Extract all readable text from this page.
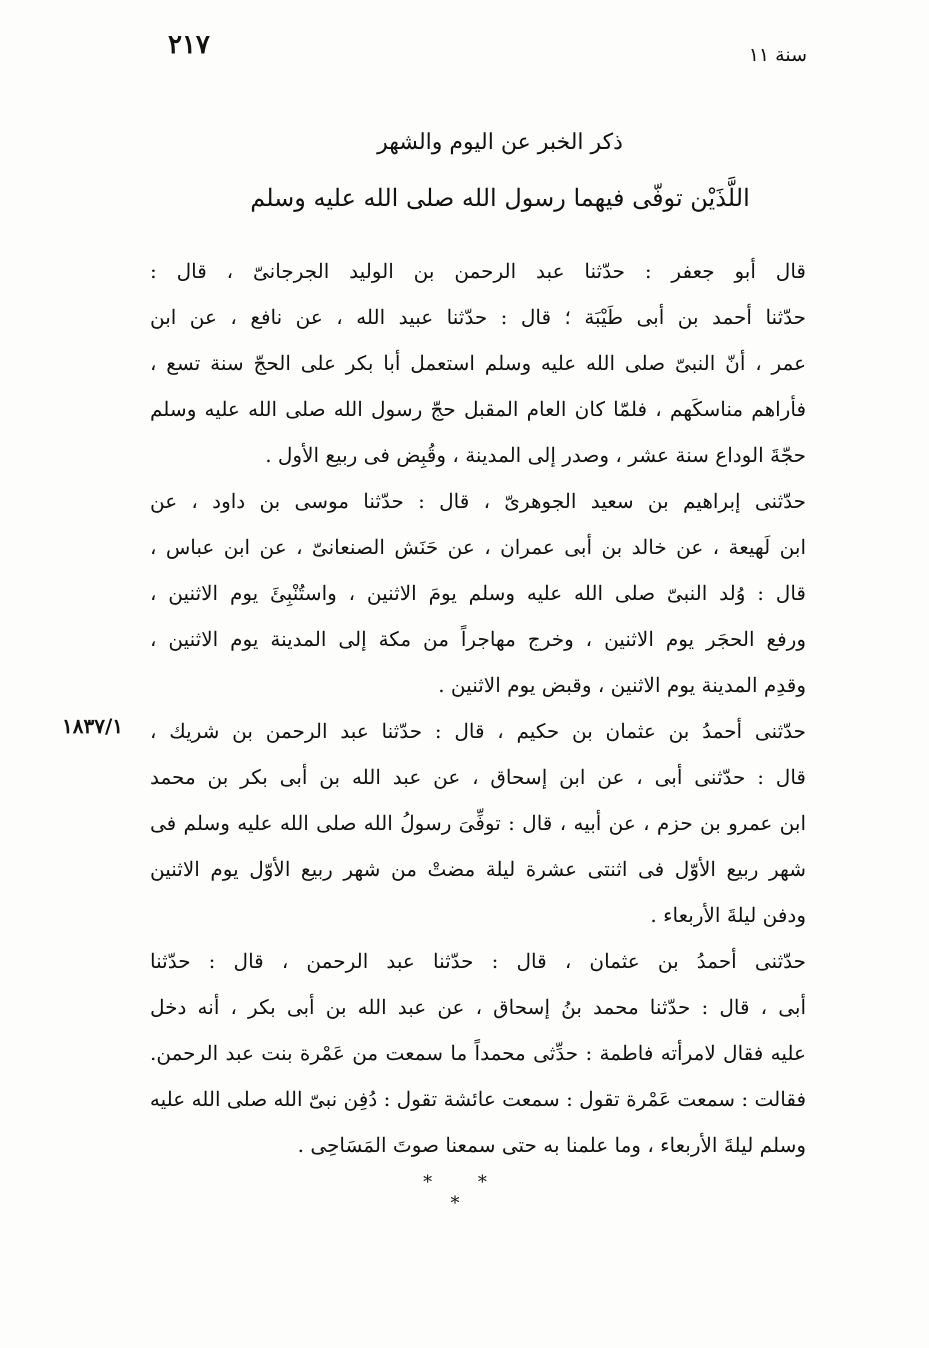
٢١٧	سنة ١١
ذكر الخبر عن اليوم والشهر
اللَّذَيْن توفّى فيهما رسول الله صلى الله عليه وسلم
قال أبو جعفر : حدّثنا عبد الرحمن بن الوليد الجرجانىّ ، قال :
حدّثنا أحمد بن أبى طَيْبَة ؛ قال : حدّثنا عبيد الله ، عن نافع ، عن ابن
عمر ، أنّ النبىّ صلى الله عليه وسلم استعمل أبا بكر على الحجّ سنة تسع ،
فأراهم مناسكَهم ، فلمّا كان العام المقبل حجّ رسول الله صلى الله عليه وسلم
حجّةَ الوداع سنة عشر ، وصدر إلى المدينة ، وقُبِض فى ربيع الأول .
حدّثنى إبراهيم بن سعيد الجوهرىّ ، قال : حدّثنا موسى بن داود ، عن
ابن لَهيعة ، عن خالد بن أبى عمران ، عن حَنَش الصنعانىّ ، عن ابن عباس ،
قال : وُلد النبىّ صلى الله عليه وسلم يومَ الاثنين ، واستُنْبِئَ يوم الاثنين ،
ورفع الحجَر يوم الاثنين ، وخرج مهاجراً من مكة إلى المدينة يوم الاثنين ،
وقدِم المدينة يوم الاثنين ، وقبض يوم الاثنين .
١٨٣٧/١ حدّثنى أحمدُ بن عثمان بن حكيم ، قال : حدّثنا عبد الرحمن بن شريك ،
قال : حدّثنى أبى ، عن ابن إسحاق ، عن عبد الله بن أبى بكر بن محمد
ابن عمرو بن حزم ، عن أبيه ، قال : توفِّىَ رسولُ الله صلى الله عليه وسلم فى
شهر ربيع الأوّل فى اثنتى عشرة ليلة مضتْ من شهر ربيع الأوّل يوم الاثنين
ودفن ليلةَ الأربعاء .
حدّثنى أحمدُ بن عثمان ، قال : حدّثنا عبد الرحمن ، قال : حدّثنا
أبى ، قال : حدّثنا محمد بنُ إسحاق ، عن عبد الله بن أبى بكر ، أنه دخل
عليه فقال لامرأته فاطمة : حدِّثى محمداً ما سمعت من عَمْرة بنت عبد الرحمن.
فقالت : سمعت عَمْرة تقول : سمعت عائشة تقول : دُفِن نبىّ الله صلى الله عليه
وسلم ليلةَ الأربعاء ، وما علمنا به حتى سمعنا صوتَ المَسَاحِى .
* * *
